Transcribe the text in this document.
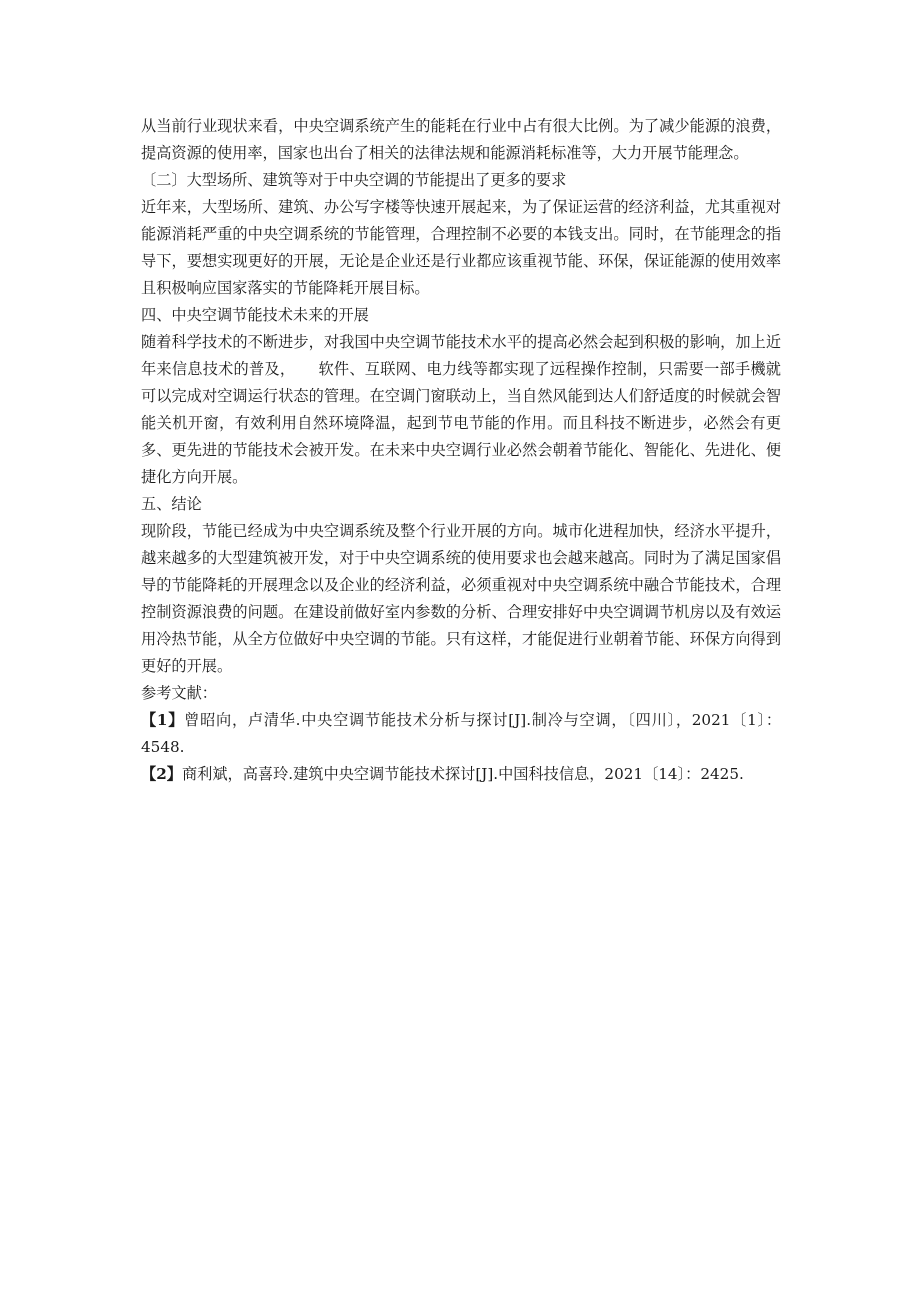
从当前行业现状来看，中央空调系统产生的能耗在行业中占有很大比例。为了减少能源的浪费，提高资源的使用率，国家也出台了相关的法律法规和能源消耗标准等，大力开展节能理念。

〔二〕大型场所、建筑等对于中央空调的节能提出了更多的要求

近年来，大型场所、建筑、办公写字楼等快速开展起来，为了保证运营的经济利益，尤其重视对能源消耗严重的中央空调系统的节能管理，合理控制不必要的本钱支出。同时，在节能理念的指导下，要想实现更好的开展，无论是企业还是行业都应该重视节能、环保，保证能源的使用效率且积极响应国家落实的节能降耗开展目标。

四、中央空调节能技术未来的开展

随着科学技术的不断进步，对我国中央空调节能技术水平的提高必然会起到积极的影响，加上近年来信息技术的普及，　　软件、互联网、电力线等都实现了远程操作控制，只需要一部手機就可以完成对空调运行状态的管理。在空调门窗联动上，当自然风能到达人们舒适度的时候就会智能关机开窗，有效利用自然环境降温，起到节电节能的作用。而且科技不断进步，必然会有更多、更先进的节能技术会被开发。在未来中央空调行业必然会朝着节能化、智能化、先进化、便捷化方向开展。

五、结论

现阶段，节能已经成为中央空调系统及整个行业开展的方向。城市化进程加快，经济水平提升，越来越多的大型建筑被开发，对于中央空调系统的使用要求也会越来越高。同时为了满足国家倡导的节能降耗的开展理念以及企业的经济利益，必须重视对中央空调系统中融合节能技术，合理控制资源浪费的问题。在建设前做好室内参数的分析、合理安排好中央空调调节机房以及有效运用冷热节能，从全方位做好中央空调的节能。只有这样，才能促进行业朝着节能、环保方向得到更好的开展。

参考文献：

【1】曾昭向，卢清华.中央空调节能技术分析与探讨[J].制冷与空调，〔四川〕，2021〔1〕：4548.

【2】商利斌，高喜玲.建筑中央空调节能技术探讨[J].中国科技信息，2021〔14〕：2425.
